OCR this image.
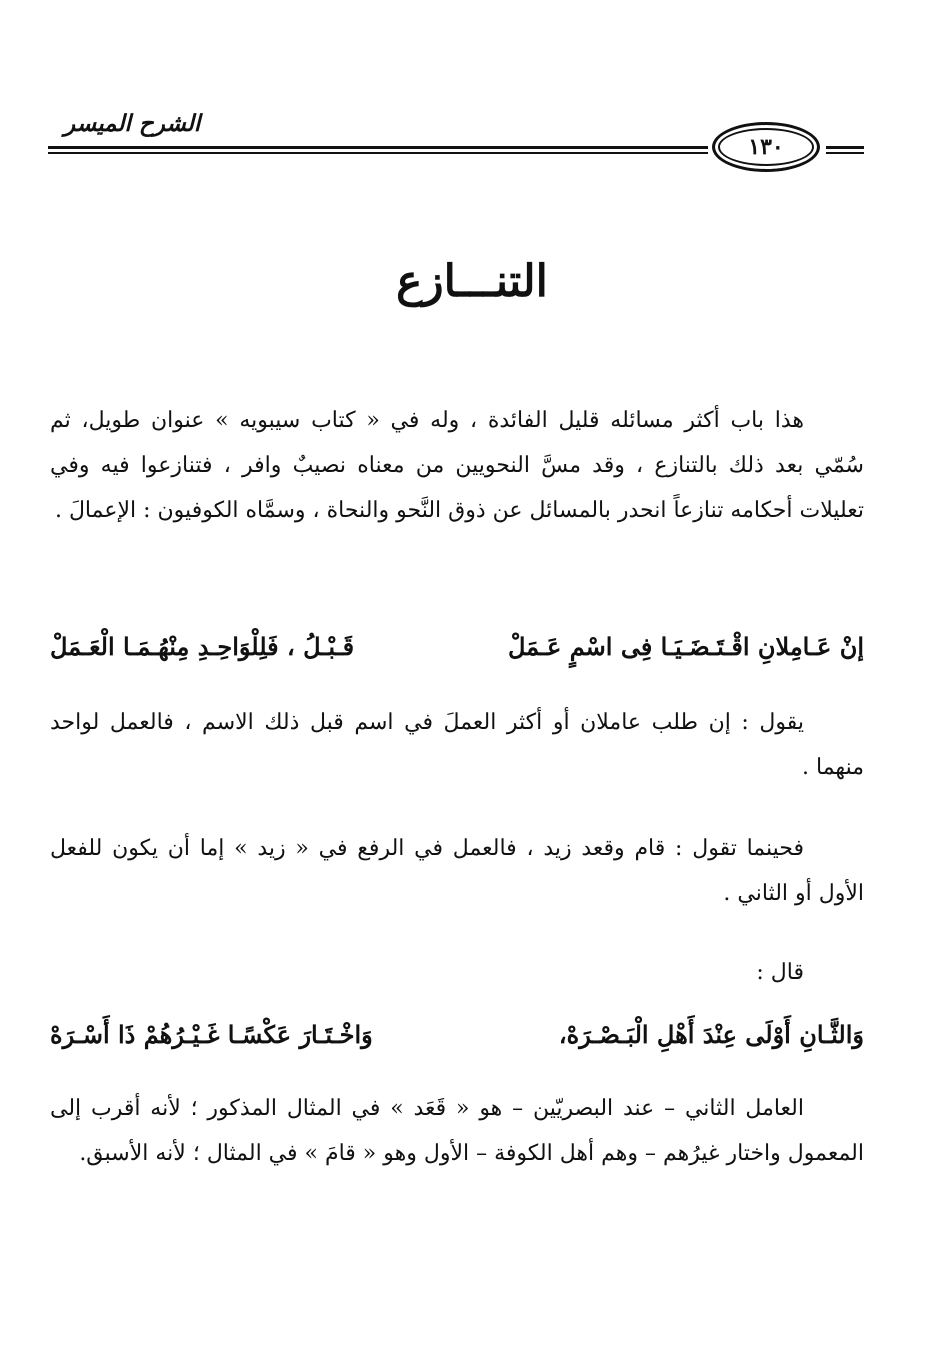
الشرح الميسر
١٣٠
التنـــازع

هذا باب أكثر مسائله قليل الفائدة ، وله في « كتاب سيبويه » عنوان طويل، ثم سُمّي بعد ذلك بالتنازع ، وقد مسَّ النحويين من معناه نصيبٌ وافر ، فتنازعوا فيه وفي تعليلات أحكامه تنازعاً انحدر بالمسائل عن ذوق النَّحو والنحاة ، وسمَّاه الكوفيون : الإعمالَ .

إنْ عَـامِلانِ اقْـتَـضَـيَـا فِى اسْمٍ عَـمَلْ
قَـبْـلُ ، فَلِلْوَاحِـدِ مِنْهُـمَـا الْعَـمَلْ

يقول : إن طلب عاملان أو أكثر العملَ في اسم قبل ذلك الاسم ، فالعمل لواحد منهما .

فحينما تقول : قام وقعد زيد ، فالعمل في الرفع في « زيد » إما أن يكون للفعل الأول أو الثاني .

قال :

وَالثَّـانِ أَوْلَى عِنْدَ أَهْلِ الْبَـصْـرَهْ،
وَاخْـتَـارَ عَكْسًـا غَـيْـرُهُمْ ذَا أَسْـرَهْ

العامل الثاني – عند البصريّين – هو « قَعَد » في المثال المذكور ؛ لأنه أقرب إلى المعمول واختار غيرُهم – وهم أهل الكوفة – الأول وهو « قامَ » في المثال ؛ لأنه الأسبق.
